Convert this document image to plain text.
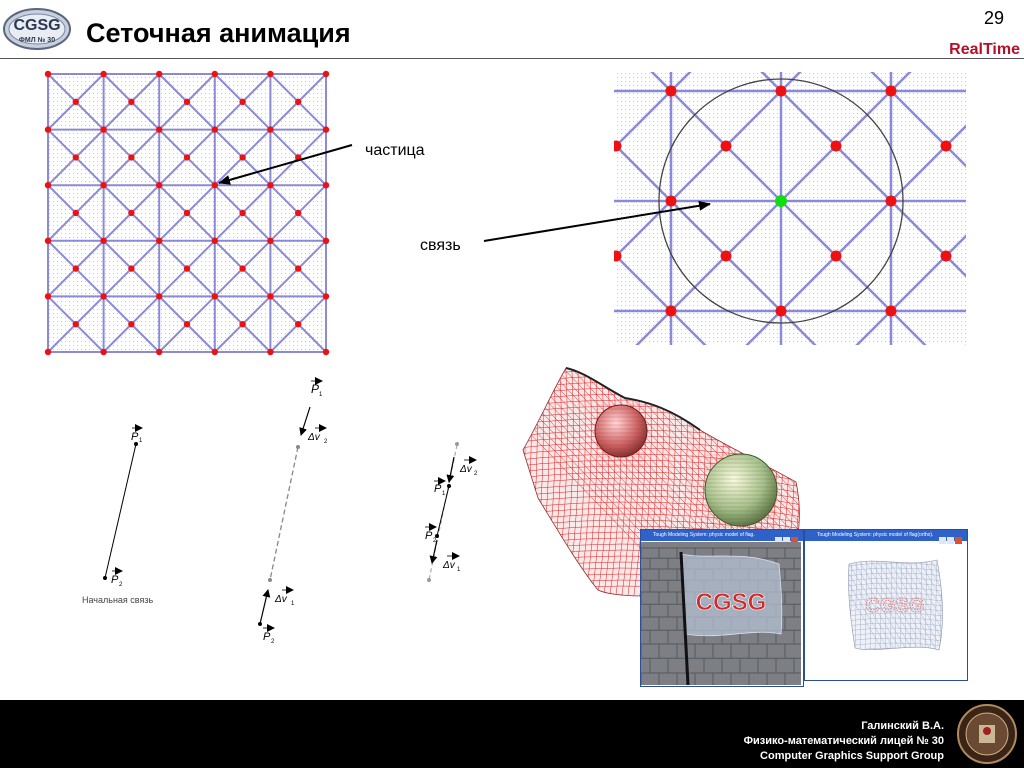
CGSG
ФМЛ № 30 Сеточная анимация	29
RealTime
частица
связь
P 1
P 2
Начальная связь
P 1
Δv 2
Δv 1
P 2
Δv 2
P 1
P 2
Δv 1
Tough Modeling System: physic model of flag.
CGSG
Tough Modeling System: physic model of flag(ortho).
CGSG
Галинский В.А.
Физико-математический лицей № 30
Computer Graphics Support Group
